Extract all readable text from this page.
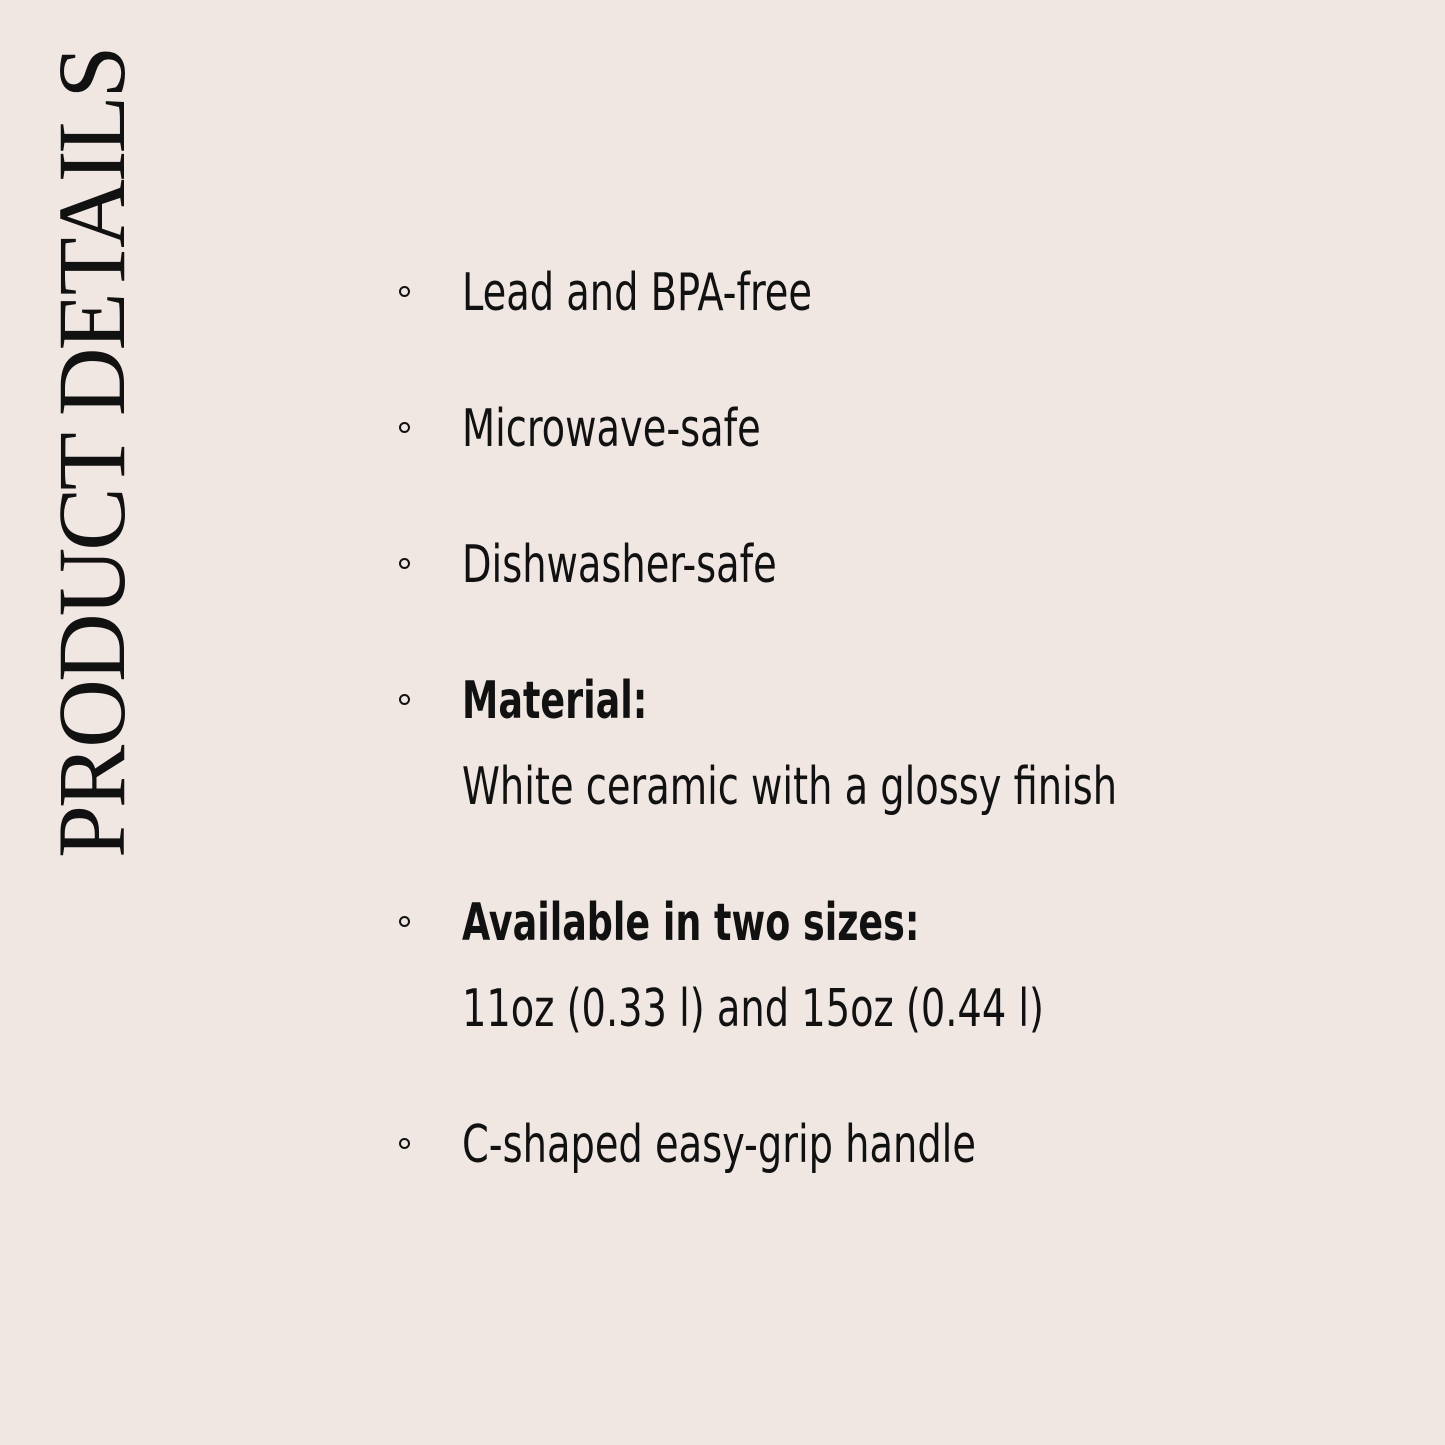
PRODUCT DETAILS	Lead and BPA-free
Microwave-safe
Dishwasher-safe
Material:
White ceramic with a glossy finish
Available in two sizes:
11oz (0.33 l) and 15oz (0.44 l)
C-shaped easy-grip handle
